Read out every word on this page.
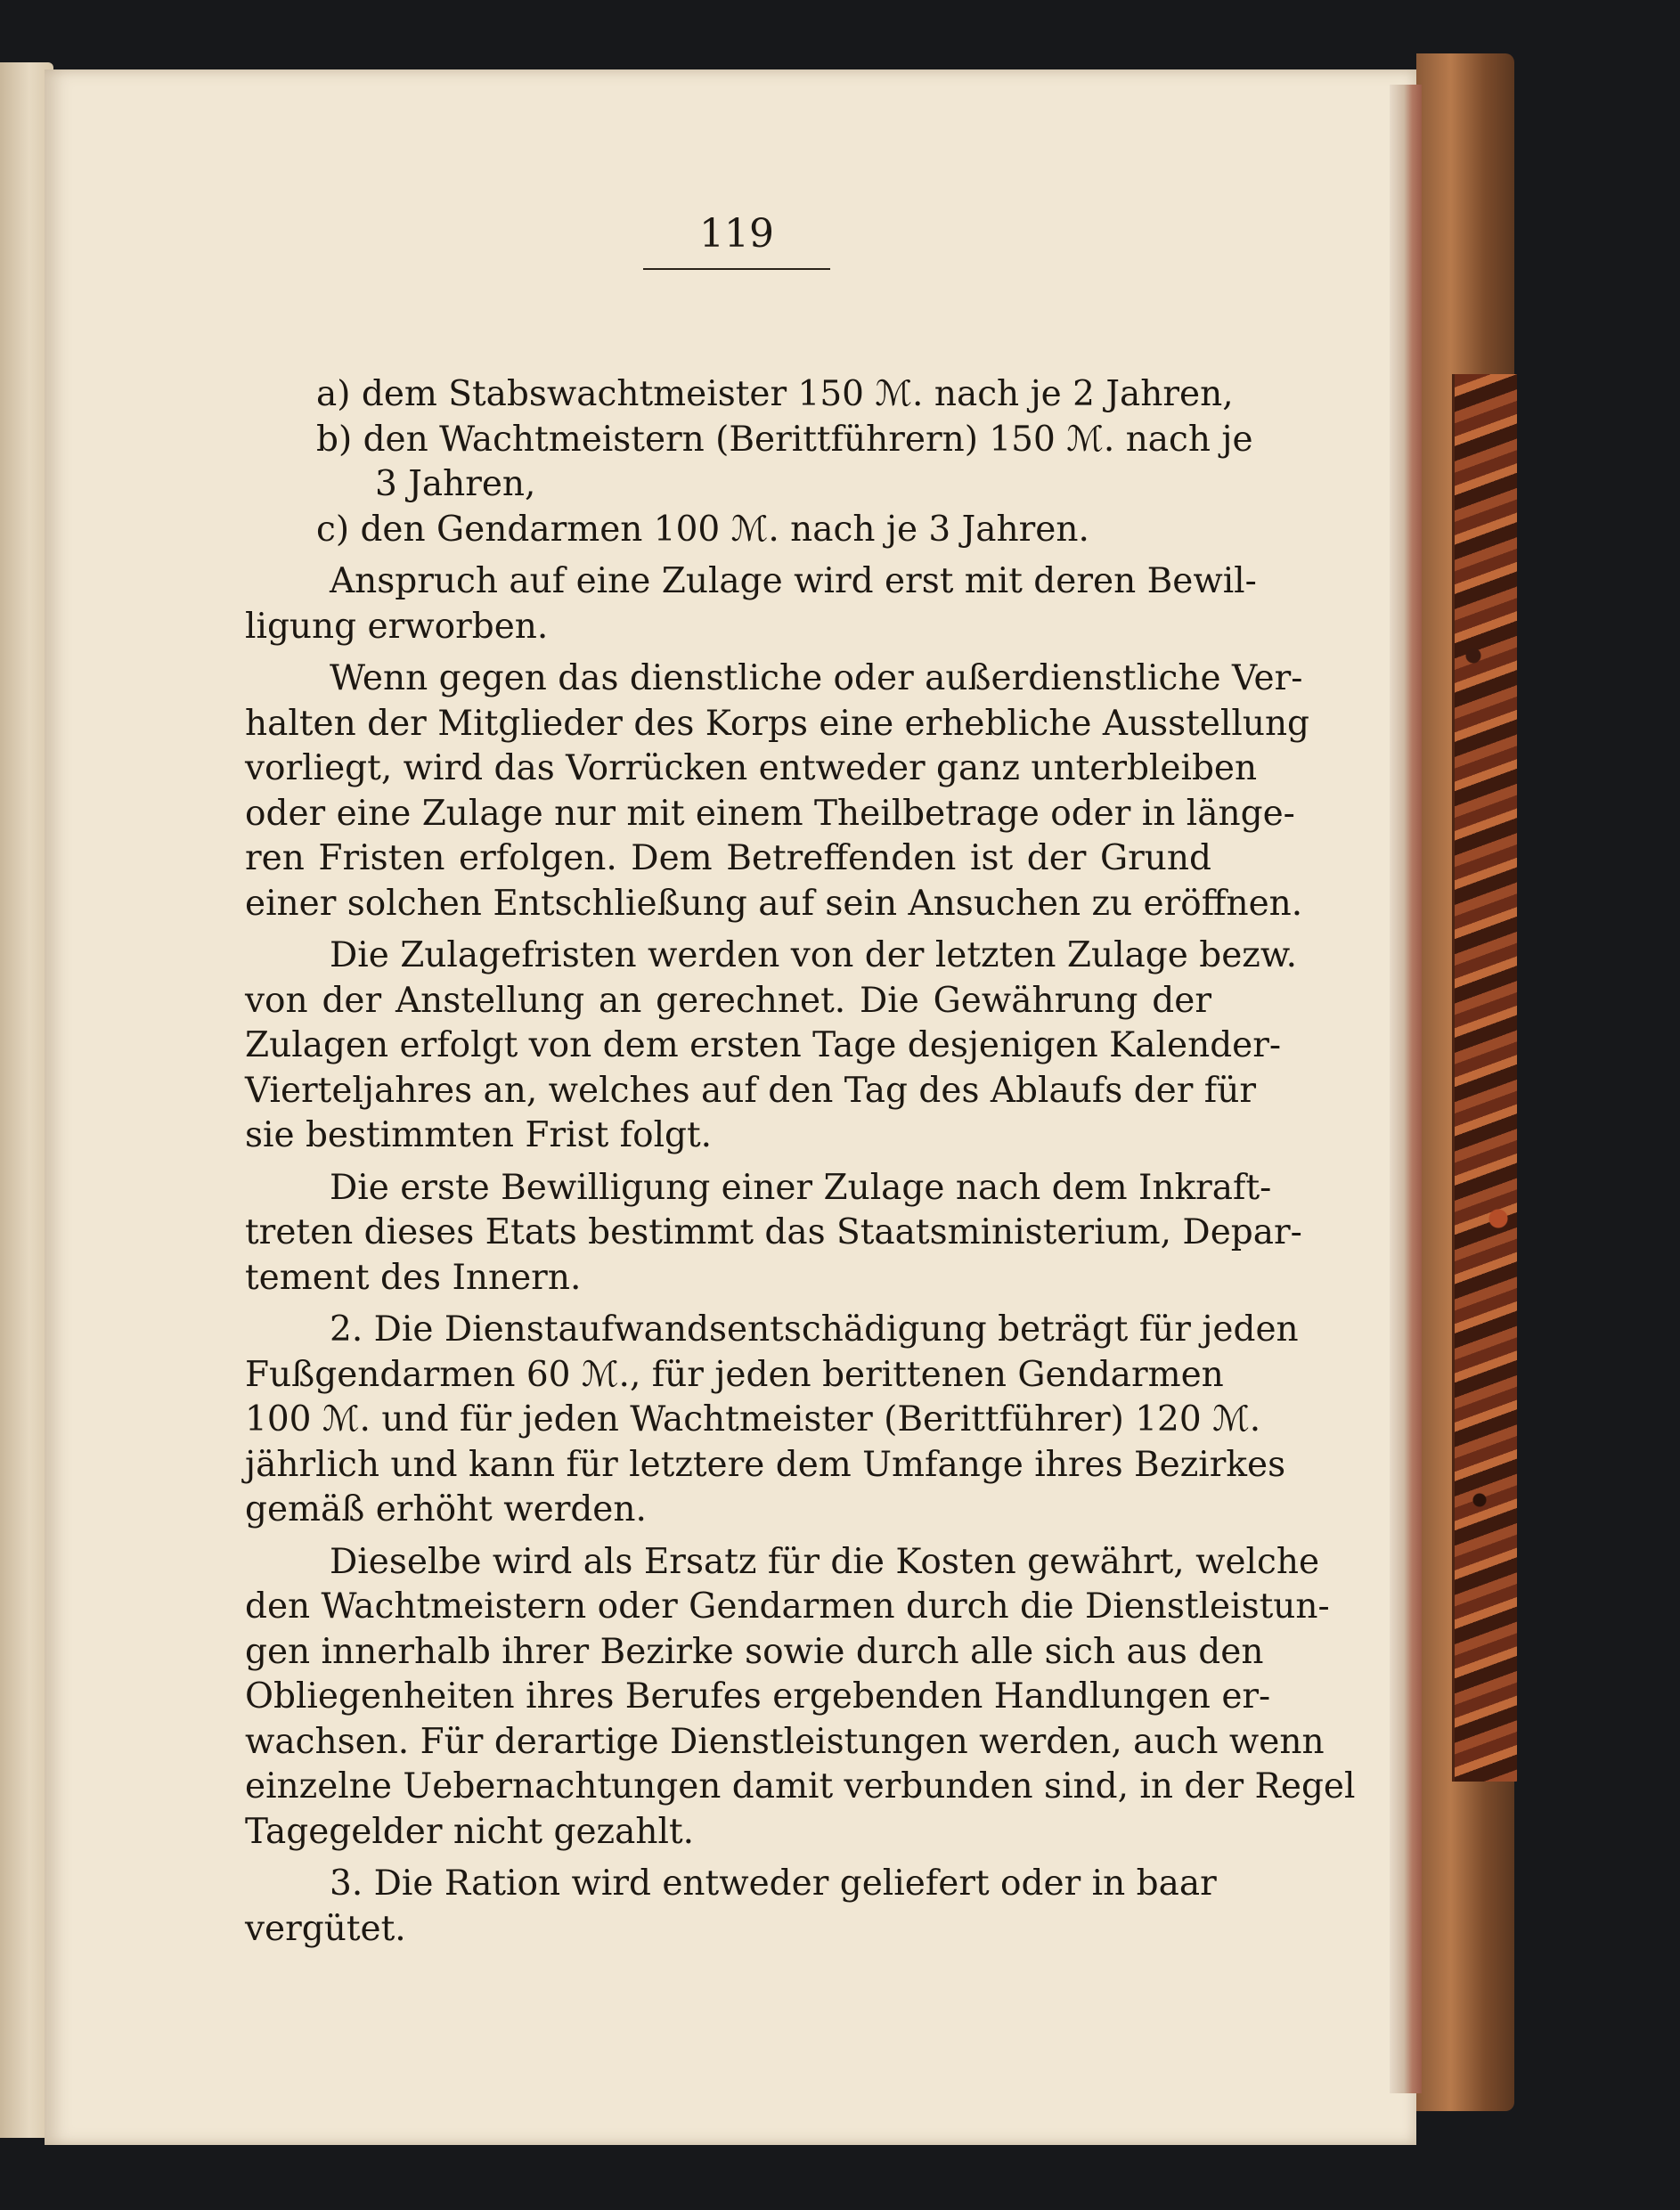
119
a) dem Stabswachtmeister 150 ℳ. nach je 2 Jahren,
b) den Wachtmeistern (Berittführern) 150 ℳ. nach je
3 Jahren,
c) den Gendarmen 100 ℳ. nach je 3 Jahren.
Anspruch auf eine Zulage wird erst mit deren Bewil-
ligung erworben.
Wenn gegen das dienstliche oder außerdienstliche Ver-
halten der Mitglieder des Korps eine erhebliche Ausstellung
vorliegt, wird das Vorrücken entweder ganz unterbleiben
oder eine Zulage nur mit einem Theilbetrage oder in länge-
ren Fristen erfolgen. Dem Betreffenden ist der Grund
einer solchen Entschließung auf sein Ansuchen zu eröffnen.
Die Zulagefristen werden von der letzten Zulage bezw.
von der Anstellung an gerechnet. Die Gewährung der
Zulagen erfolgt von dem ersten Tage desjenigen Kalender-
Vierteljahres an, welches auf den Tag des Ablaufs der für
sie bestimmten Frist folgt.
Die erste Bewilligung einer Zulage nach dem Inkraft-
treten dieses Etats bestimmt das Staatsministerium, Depar-
tement des Innern.
2. Die Dienstaufwandsentschädigung beträgt für jeden
Fußgendarmen 60 ℳ., für jeden berittenen Gendarmen
100 ℳ. und für jeden Wachtmeister (Berittführer) 120 ℳ.
jährlich und kann für letztere dem Umfange ihres Bezirkes
gemäß erhöht werden.
Dieselbe wird als Ersatz für die Kosten gewährt, welche
den Wachtmeistern oder Gendarmen durch die Dienstleistun-
gen innerhalb ihrer Bezirke sowie durch alle sich aus den
Obliegenheiten ihres Berufes ergebenden Handlungen er-
wachsen. Für derartige Dienstleistungen werden, auch wenn
einzelne Uebernachtungen damit verbunden sind, in der Regel
Tagegelder nicht gezahlt.
3. Die Ration wird entweder geliefert oder in baar
vergütet.
